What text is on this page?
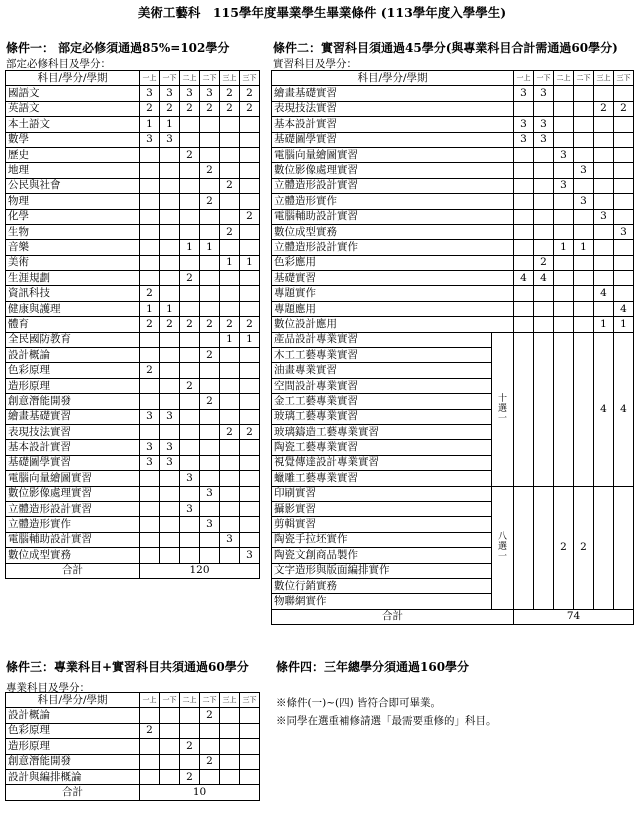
美術工藝科　115學年度畢業學生畢業條件 (113學年度入學學生)
條件一： 部定必修須通過85%=102學分
部定必修科目及學分：
科目/學分/學期	一上	一下	二上	二下	三上	三下
國語文	3	3	3	3	2	2
英語文	2	2	2	2	2	2
本土語文	1	1				
數學	3	3				
歷史			2			
地理				2		
公民與社會					2	
物理				2		
化學						2
生物					2	
音樂			1	1		
美術					1	1
生涯規劃			2			
資訊科技	2					
健康與護理	1	1				
體育	2	2	2	2	2	2
全民國防教育					1	1
設計概論				2		
色彩原理	2					
造形原理			2			
創意潛能開發				2		
繪畫基礎實習	3	3				
表現技法實習					2	2
基本設計實習	3	3				
基礎圖學實習	3	3				
電腦向量繪圖實習			3			
數位影像處理實習				3		
立體造形設計實習			3			
立體造形實作				3		
電腦輔助設計實習					3	
數位成型實務						3
合計	120					
條件二：實習科目須通過45學分(與專業科目合計需通過60學分)
實習科目及學分：
科目/學分/學期		一上	一下	二上	二下	三上	三下
繪畫基礎實習		3	3				
表現技法實習						2	2
基本設計實習		3	3				
基礎圖學實習		3	3				
電腦向量繪圖實習				3			
數位影像處理實習					3		
立體造形設計實習				3			
立體造形實作					3		
電腦輔助設計實習						3	
數位成型實務							3
立體造形設計實作				1	1		
色彩應用			2				
基礎實習		4	4				
專題實作						4	
專題應用							4
數位設計應用						1	1
產品設計專業實習	十選一					4	4
木工工藝專業實習							
油畫專業實習							
空間設計專業實習							
金工工藝專業實習							
玻璃工藝專業實習							
玻璃鑄造工藝專業實習							
陶瓷工藝專業實習							
視覺傳達設計專業實習							
蠟雕工藝專業實習							
印刷實習	八選一			2	2		
攝影實習							
剪輯實習							
陶瓷手拉坯實作							
陶瓷文創商品製作							
文字造形與版面編排實作							
數位行銷實務							
物聯網實作							
合計		74					
條件三：專業科目+實習科目共須通過60學分
專業科目及學分：
科目/學分/學期	一上	一下	二上	二下	三上	三下
設計概論				2		
色彩原理	2					
造形原理			2			
創意潛能開發				2		
設計與編排概論			2			
合計	10					
條件四：三年總學分須通過160學分
※條件(一)~(四) 皆符合即可畢業。
※同學在選重補修請選「最需要重修的」科目。
